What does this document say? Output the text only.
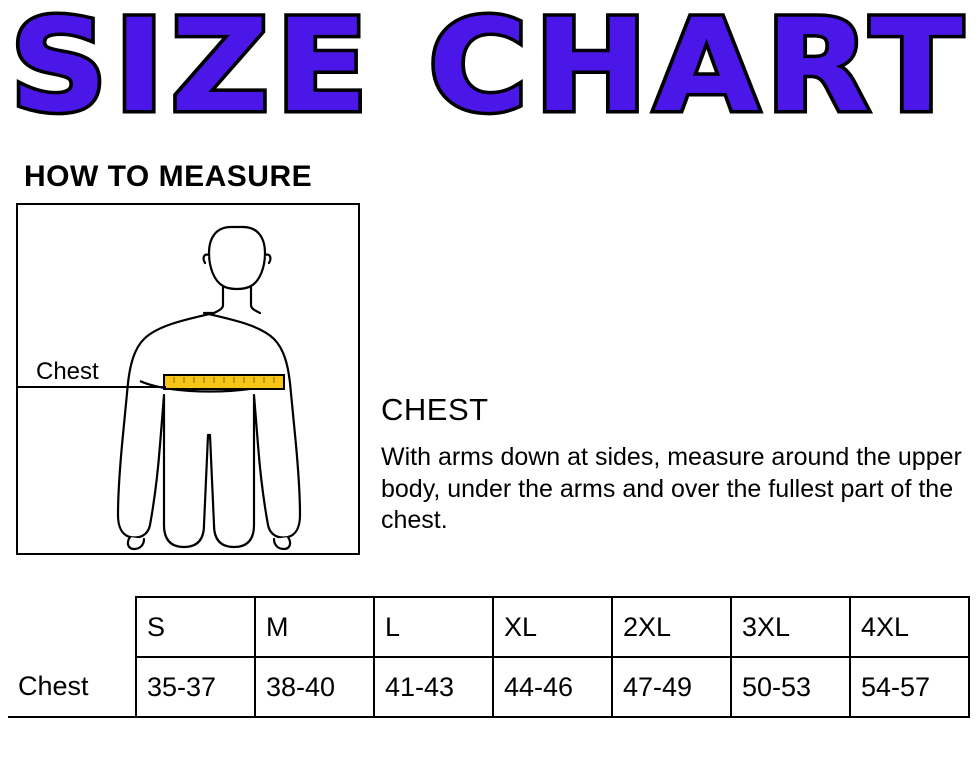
SIZE CHART
HOW TO MEASURE
Chest
CHEST
With arms down at sides, measure around the upper body, under the arms and over the fullest part of the chest.
	S	M	L	XL	2XL	3XL	4XL
Chest	35-37	38-40	41-43	44-46	47-49	50-53	54-57
